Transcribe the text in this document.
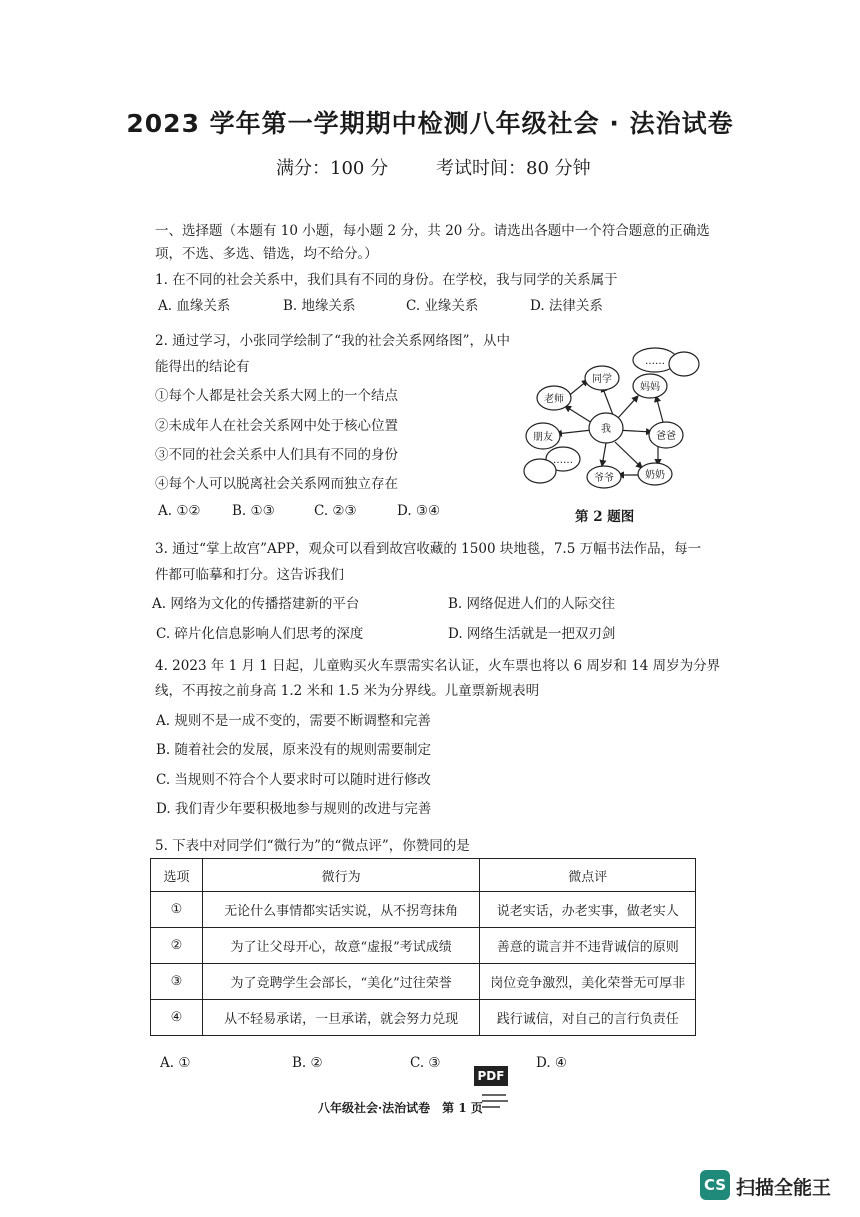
2023 学年第一学期期中检测八年级社会 · 法治试卷
满分：100 分	考试时间：80 分钟
一、选择题（本题有 10 小题，每小题 2 分，共 20 分。请选出各题中一个符合题意的正确选
项，不选、多选、错选，均不给分。）
1. 在不同的社会关系中，我们具有不同的身份。在学校，我与同学的关系属于
A. 血缘关系	B. 地缘关系	C. 业缘关系	D. 法律关系
2. 通过学习，小张同学绘制了“我的社会关系网络图”，从中
能得出的结论有
①每个人都是社会关系大网上的一个结点
②未成年人在社会关系网中处于核心位置
③不同的社会关系中人们具有不同的身份
④每个人可以脱离社会关系网而独立存在
A. ①② B. ①③	C. ②③	D. ③④
同学
妈妈
老师
朋友
我
爸爸
爷爷	奶奶
……
……
第 2 题图
3. 通过“掌上故宫”APP，观众可以看到故宫收藏的 1500 块地毯，7.5 万幅书法作品，每一
件都可临摹和打分。这告诉我们
A. 网络为文化的传播搭建新的平台	B. 网络促进人们的人际交往
C. 碎片化信息影响人们思考的深度	D. 网络生活就是一把双刃剑
4. 2023 年 1 月 1 日起，儿童购买火车票需实名认证，火车票也将以 6 周岁和 14 周岁为分界
线，不再按之前身高 1.2 米和 1.5 米为分界线。儿童票新规表明
A. 规则不是一成不变的，需要不断调整和完善
B. 随着社会的发展，原来没有的规则需要制定
C. 当规则不符合个人要求时可以随时进行修改
D. 我们青少年要积极地参与规则的改进与完善
5. 下表中对同学们“微行为”的“微点评”，你赞同的是
选项	微行为	微点评
①	无论什么事情都实话实说，从不拐弯抹角	说老实话，办老实事，做老实人
②	为了让父母开心，故意“虚报”考试成绩	善意的谎言并不违背诚信的原则
③	为了竞聘学生会部长，“美化”过往荣誉	岗位竞争激烈，美化荣誉无可厚非
④	从不轻易承诺，一旦承诺，就会努力兑现	践行诚信，对自己的言行负责任
A. ①	B. ②	C. ③	D. ④
PDF
八年级社会·法治试卷　第 1 页
CS 扫描全能王
